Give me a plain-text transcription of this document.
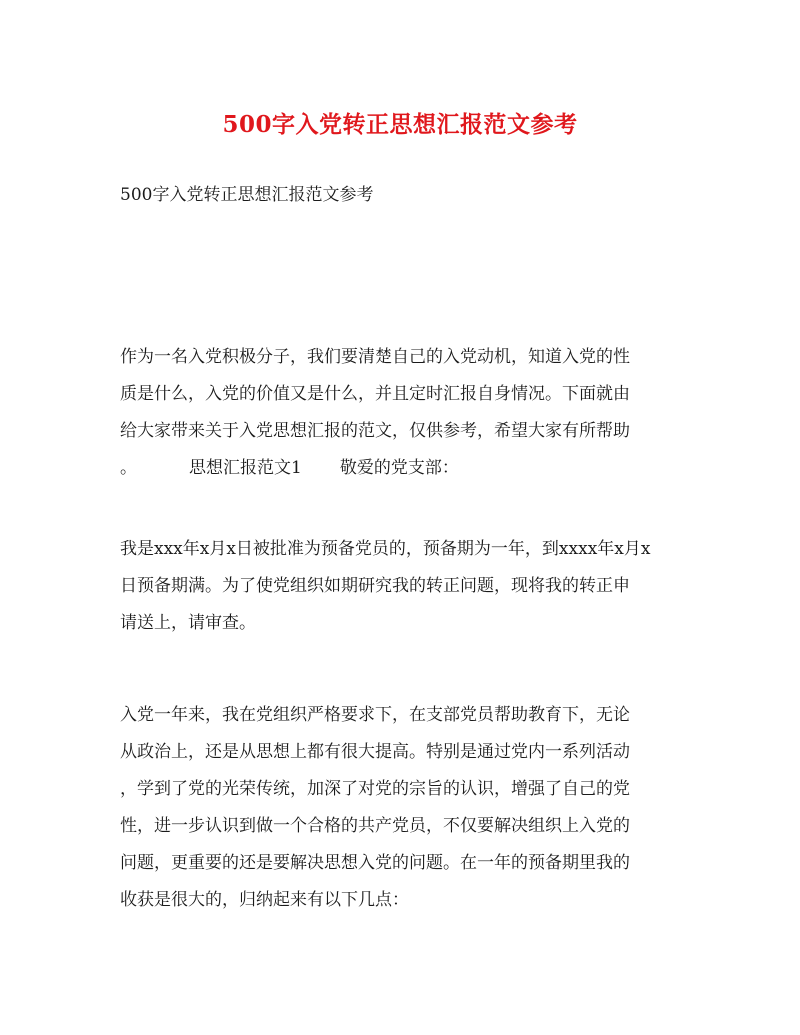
500字入党转正思想汇报范文参考

500字入党转正思想汇报范文参考

作为一名入党积极分子，我们要清楚自己的入党动机，知道入党的性
质是什么，入党的价值又是什么，并且定时汇报自身情况。下面就由
给大家带来关于入党思想汇报的范文，仅供参考，希望大家有所帮助
。	思想汇报范文1 敬爱的党支部：
我是xxx年x月x日被批准为预备党员的，预备期为一年，到xxxx年x月x
日预备期满。为了使党组织如期研究我的转正问题，现将我的转正申
请送上，请审查。
入党一年来，我在党组织严格要求下，在支部党员帮助教育下，无论
从政治上，还是从思想上都有很大提高。特别是通过党内一系列活动
，学到了党的光荣传统，加深了对党的宗旨的认识，增强了自己的党
性，进一步认识到做一个合格的共产党员，不仅要解决组织上入党的
问题，更重要的还是要解决思想入党的问题。在一年的预备期里我的
收获是很大的，归纳起来有以下几点：
